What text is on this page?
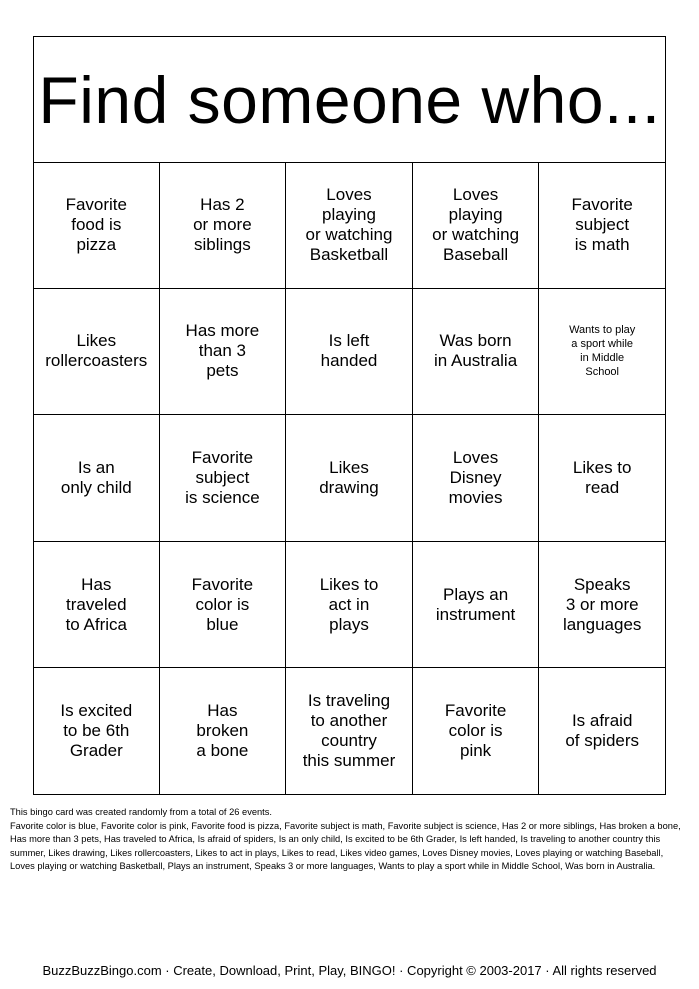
Find someone who...
Favorite
food is
pizza
Has 2
or more
siblings
Loves
playing
or watching
Basketball
Loves
playing
or watching
Baseball
Favorite
subject
is math
Likes
rollercoasters
Has more
than 3
pets
Is left
handed
Was born
in Australia
Wants to play
a sport while
in Middle
School
Is an
only child
Favorite
subject
is science
Likes
drawing
Loves
Disney
movies
Likes to
read
Has
traveled
to Africa
Favorite
color is
blue
Likes to
act in
plays
Plays an
instrument
Speaks
3 or more
languages
Is excited
to be 6th
Grader
Has
broken
a bone
Is traveling
to another
country
this summer
Favorite
color is
pink
Is afraid
of spiders

This bingo card was created randomly from a total of 26 events.

Favorite color is blue, Favorite color is pink, Favorite food is pizza, Favorite subject is math, Favorite subject is science, Has 2 or more siblings, Has broken a bone, Has more than 3 pets, Has traveled to Africa, Is afraid of spiders, Is an only child, Is excited to be 6th Grader, Is left handed, Is traveling to another country this summer, Likes drawing, Likes rollercoasters, Likes to act in plays, Likes to read, Likes video games, Loves Disney movies, Loves playing or watching Baseball, Loves playing or watching Basketball, Plays an instrument, Speaks 3 or more languages, Wants to play a sport while in Middle School, Was born in Australia.

BuzzBuzzBingo.com · Create, Download, Print, Play, BINGO! · Copyright © 2003-2017 · All rights reserved
